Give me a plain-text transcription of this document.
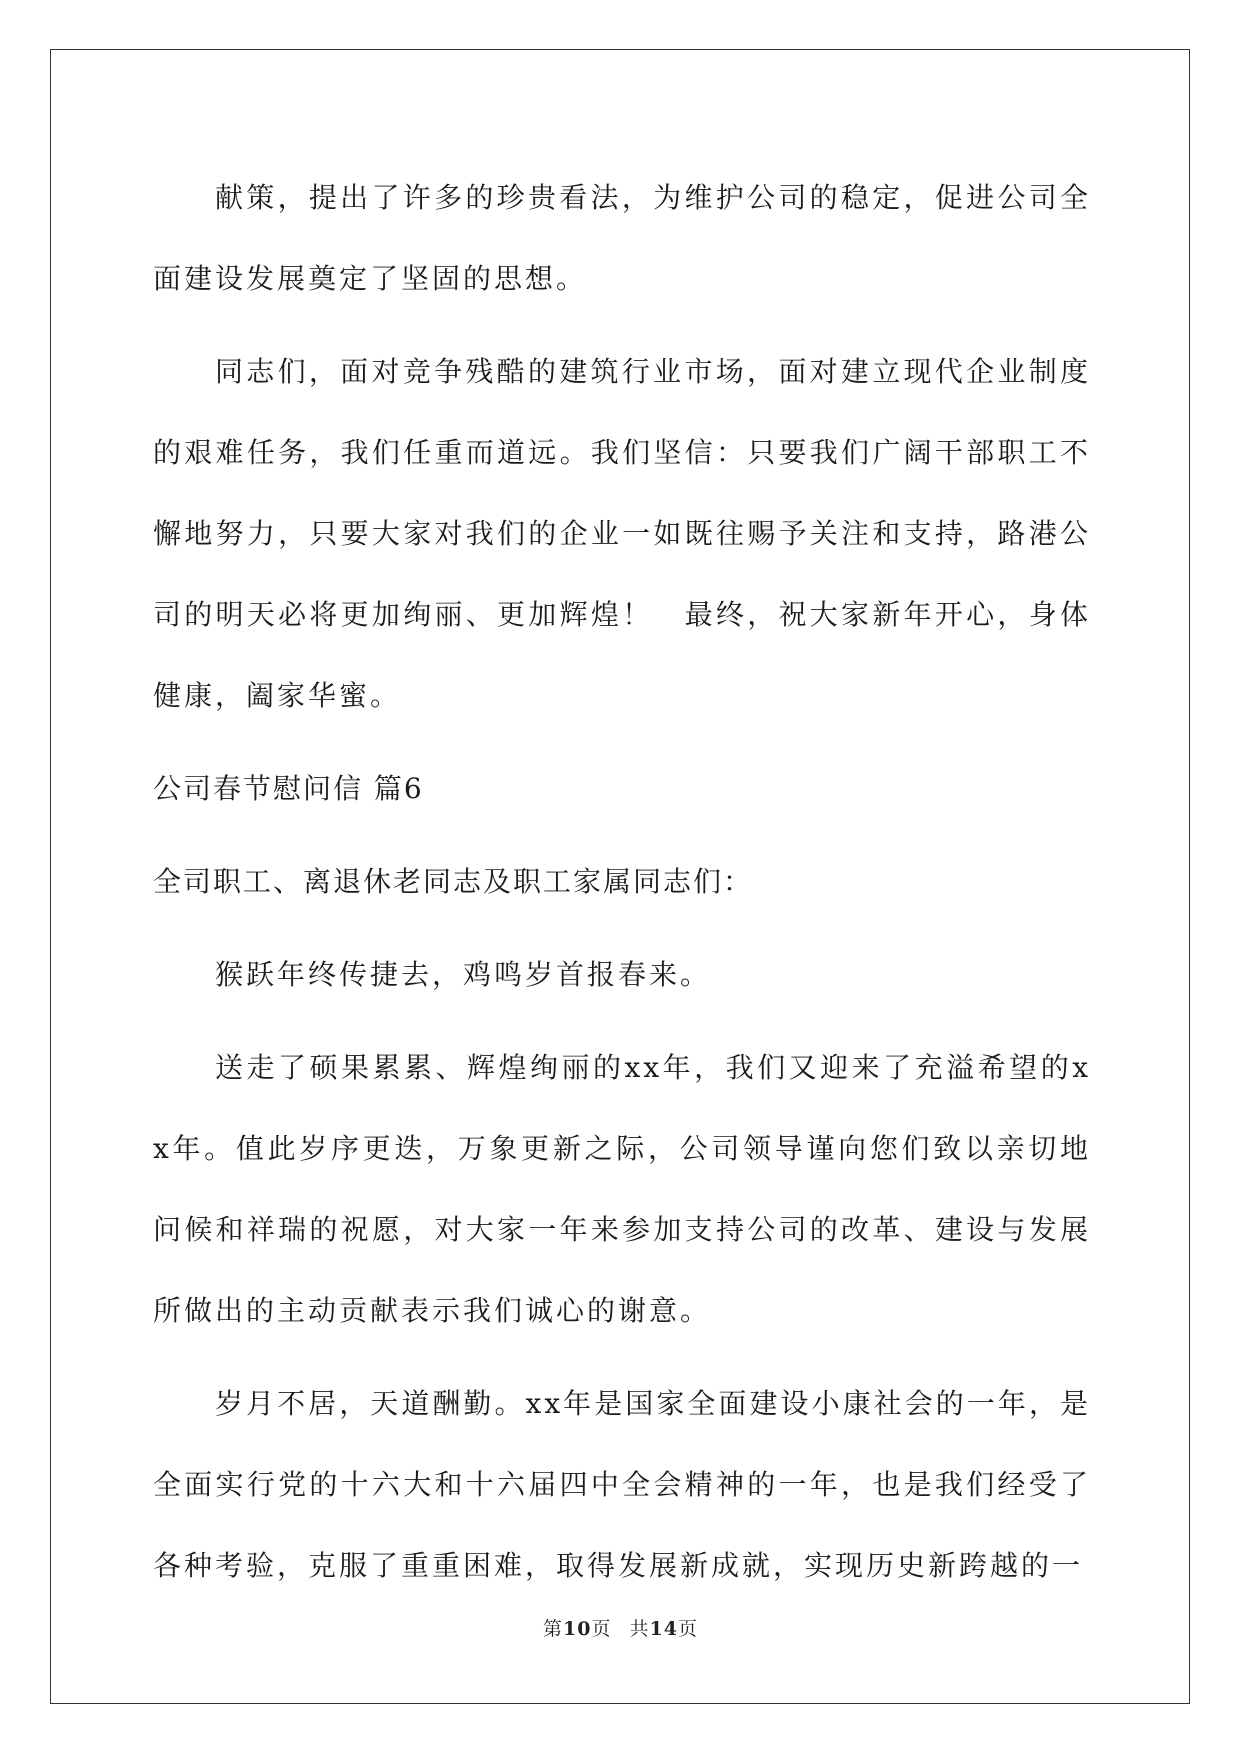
献策，提出了许多的珍贵看法，为维护公司的稳定，促进公司全面建设发展奠定了坚固的思想。

同志们，面对竞争残酷的建筑行业市场，面对建立现代企业制度的艰难任务，我们任重而道远。我们坚信：只要我们广阔干部职工不懈地努力，只要大家对我们的企业一如既往赐予关注和支持，路港公司的明天必将更加绚丽、更加辉煌！　最终，祝大家新年开心，身体健康，阖家华蜜。

公司春节慰问信 篇6

全司职工、离退休老同志及职工家属同志们：

猴跃年终传捷去，鸡鸣岁首报春来。

送走了硕果累累、辉煌绚丽的xx年，我们又迎来了充溢希望的xx年。值此岁序更迭，万象更新之际，公司领导谨向您们致以亲切地问候和祥瑞的祝愿，对大家一年来参加支持公司的改革、建设与发展所做出的主动贡献表示我们诚心的谢意。

岁月不居，天道酬勤。xx年是国家全面建设小康社会的一年，是全面实行党的十六大和十六届四中全会精神的一年，也是我们经受了各种考验，克服了重重困难，取得发展新成就，实现历史新跨越的一

第10页 共14页
